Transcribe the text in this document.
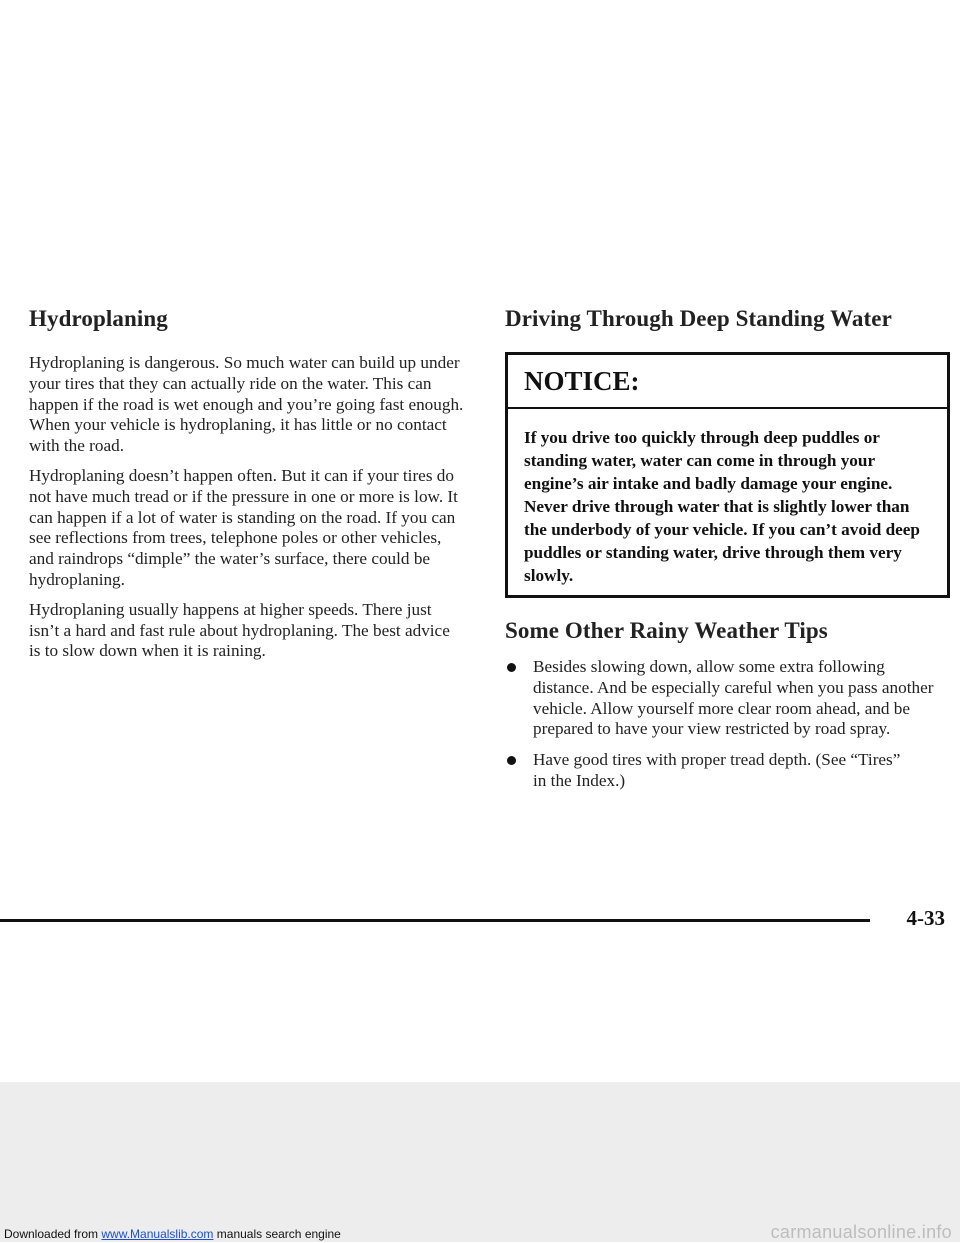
Hydroplaning

Hydroplaning is dangerous. So much water can build up under your tires that they can actually ride on the water. This can happen if the road is wet enough and you’re going fast enough. When your vehicle is hydroplaning, it has little or no contact with the road.

Hydroplaning doesn’t happen often. But it can if your tires do not have much tread or if the pressure in one or more is low. It can happen if a lot of water is standing on the road. If you can see reflections from trees, telephone poles or other vehicles, and raindrops “dimple” the water’s surface, there could be hydroplaning.

Hydroplaning usually happens at higher speeds. There just isn’t a hard and fast rule about hydroplaning. The best advice is to slow down when it is raining.

Driving Through Deep Standing Water
NOTICE:
If you drive too quickly through deep puddles or standing water, water can come in through your engine’s air intake and badly damage your engine. Never drive through water that is slightly lower than the underbody of your vehicle. If you can’t avoid deep puddles or standing water, drive through them very slowly.
Some Other Rainy Weather Tips
Besides slowing down, allow some extra following distance. And be especially careful when you pass another vehicle. Allow yourself more clear room ahead, and be prepared to have your view restricted by road spray.
Have good tires with proper tread depth. (See “Tires” in the Index.)
4-33
Downloaded from www.Manualslib.com manuals search engine	carmanualsonline.info
